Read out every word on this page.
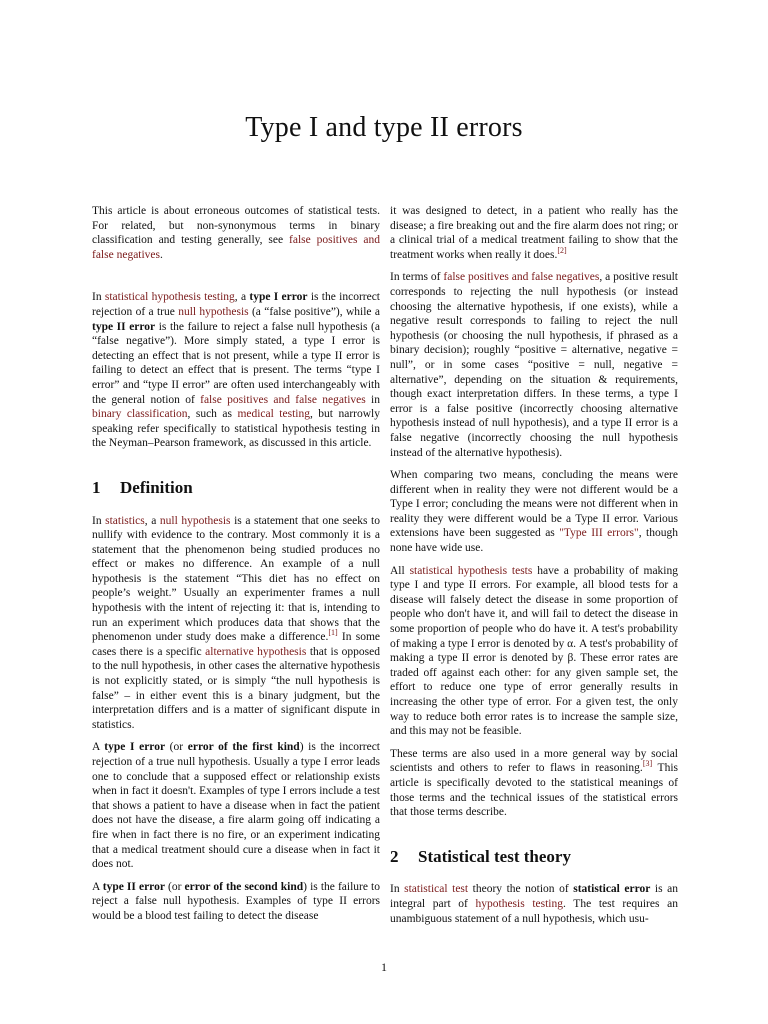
Type I and type II errors

This article is about erroneous outcomes of statistical tests. For related, but non-synonymous terms in binary classification and testing generally, see false positives and false negatives.

In statistical hypothesis testing, a type I error is the incorrect rejection of a true null hypothesis (a “false positive”), while a type II error is the failure to reject a false null hypothesis (a “false negative”). More simply stated, a type I error is detecting an effect that is not present, while a type II error is failing to detect an effect that is present. The terms “type I error” and “type II error” are often used interchangeably with the general notion of false positives and false negatives in binary classification, such as medical testing, but narrowly speaking refer specifically to statistical hypothesis testing in the Neyman–Pearson framework, as discussed in this article.

1 Definition

In statistics, a null hypothesis is a statement that one seeks to nullify with evidence to the contrary. Most commonly it is a statement that the phenomenon being studied produces no effect or makes no difference. An example of a null hypothesis is the statement “This diet has no effect on people’s weight.” Usually an experimenter frames a null hypothesis with the intent of rejecting it: that is, intending to run an experiment which produces data that shows that the phenomenon under study does make a difference.[1] In some cases there is a specific alternative hypothesis that is opposed to the null hypothesis, in other cases the alternative hypothesis is not explicitly stated, or is simply “the null hypothesis is false” – in either event this is a binary judgment, but the interpretation differs and is a matter of significant dispute in statistics.

A type I error (or error of the first kind) is the incorrect rejection of a true null hypothesis. Usually a type I error leads one to conclude that a supposed effect or relationship exists when in fact it doesn't. Examples of type I errors include a test that shows a patient to have a disease when in fact the patient does not have the disease, a fire alarm going off indicating a fire when in fact there is no fire, or an experiment indicating that a medical treatment should cure a disease when in fact it does not.

A type II error (or error of the second kind) is the failure to reject a false null hypothesis. Examples of type II errors would be a blood test failing to detect the disease

it was designed to detect, in a patient who really has the disease; a fire breaking out and the fire alarm does not ring; or a clinical trial of a medical treatment failing to show that the treatment works when really it does.[2]

In terms of false positives and false negatives, a positive result corresponds to rejecting the null hypothesis (or instead choosing the alternative hypothesis, if one exists), while a negative result corresponds to failing to reject the null hypothesis (or choosing the null hypothesis, if phrased as a binary decision); roughly “positive = alternative, negative = null”, or in some cases “positive = null, negative = alternative”, depending on the situation & requirements, though exact interpretation differs. In these terms, a type I error is a false positive (incorrectly choosing alternative hypothesis instead of null hypothesis), and a type II error is a false negative (incorrectly choosing the null hypothesis instead of the alternative hypothesis).

When comparing two means, concluding the means were different when in reality they were not different would be a Type I error; concluding the means were not different when in reality they were different would be a Type II error. Various extensions have been suggested as "Type III errors", though none have wide use.

All statistical hypothesis tests have a probability of making type I and type II errors. For example, all blood tests for a disease will falsely detect the disease in some proportion of people who don't have it, and will fail to detect the disease in some proportion of people who do have it. A test's probability of making a type I error is denoted by α. A test's probability of making a type II error is denoted by β. These error rates are traded off against each other: for any given sample set, the effort to reduce one type of error generally results in increasing the other type of error. For a given test, the only way to reduce both error rates is to increase the sample size, and this may not be feasible.

These terms are also used in a more general way by social scientists and others to refer to flaws in reasoning.[3] This article is specifically devoted to the statistical meanings of those terms and the technical issues of the statistical errors that those terms describe.

2 Statistical test theory

In statistical test theory the notion of statistical error is an integral part of hypothesis testing. The test requires an unambiguous statement of a null hypothesis, which usu-

1
